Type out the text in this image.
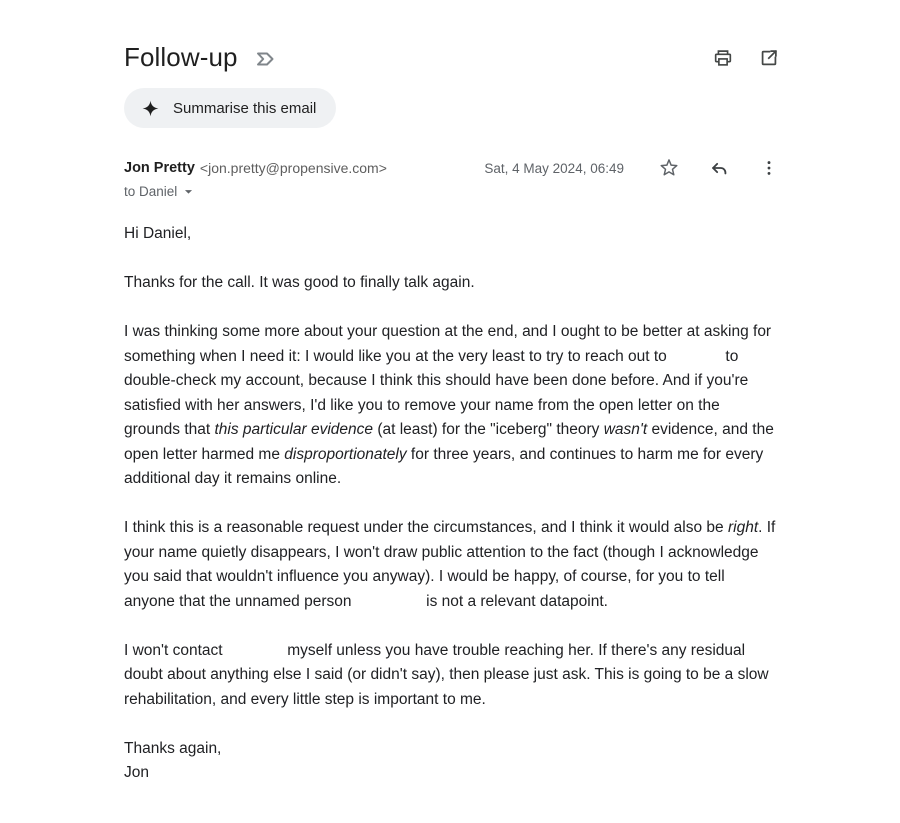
Follow-up
Summarise this email
Jon Pretty <jon.pretty@propensive.com>	Sat, 4 May 2024, 06:49
to Daniel

Hi Daniel,

Thanks for the call. It was good to finally talk again.

I was thinking some more about your question at the end, and I ought to be better at asking for something when I need it: I would like you at the very least to try to reach out to	to double-check my account, because I think this should have been done before. And if you're satisfied with her answers, I'd like you to remove your name from the open letter on the grounds that this particular evidence (at least) for the "iceberg" theory wasn't evidence, and the open letter harmed me disproportionately for three years, and continues to harm me for every additional day it remains online.

I think this is a reasonable request under the circumstances, and I think it would also be right. If your name quietly disappears, I won't draw public attention to the fact (though I acknowledge you said that wouldn't influence you anyway). I would be happy, of course, for you to tell anyone that the unnamed person	is not a relevant datapoint.

I won't contact	myself unless you have trouble reaching her. If there's any residual doubt about anything else I said (or didn't say), then please just ask. This is going to be a slow rehabilitation, and every little step is important to me.

Thanks again,
Jon
